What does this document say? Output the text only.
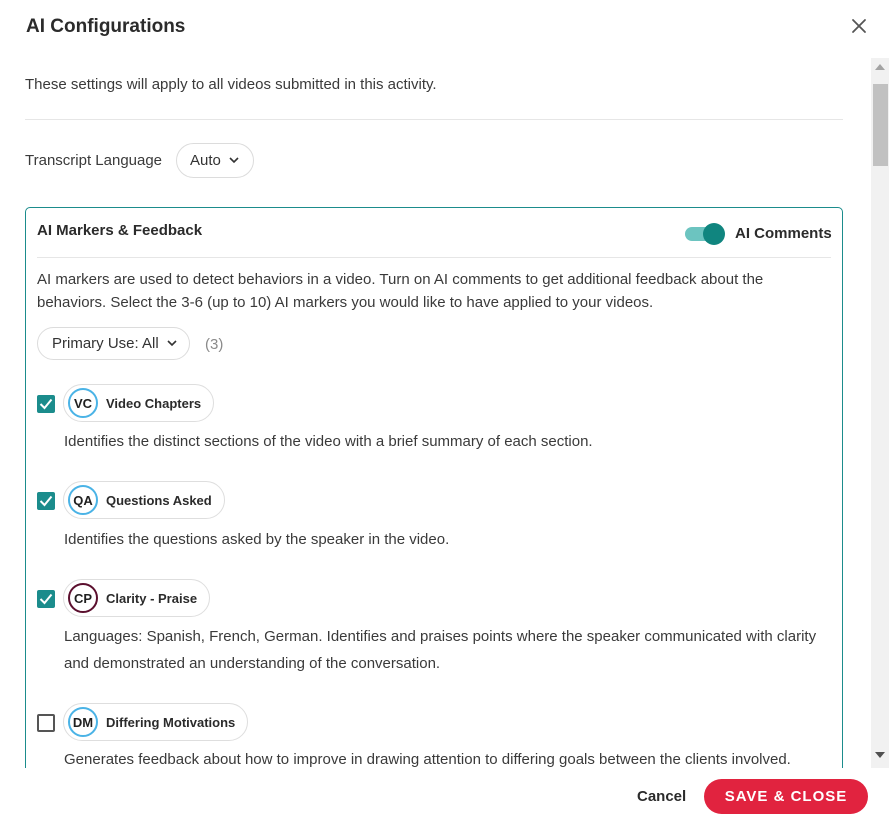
AI Configurations
These settings will apply to all videos submitted in this activity.
Transcript Language Auto
AI Markers & Feedback	AI Comments
AI markers are used to detect behaviors in a video. Turn on AI comments to get additional feedback about the behaviors. Select the 3-6 (up to 10) AI markers you would like to have applied to your videos.
Primary Use: All	(3)
VC	Video Chapters
Identifies the distinct sections of the video with a brief summary of each section.
QA	Questions Asked
Identifies the questions asked by the speaker in the video.
CP	Clarity - Praise
Languages: Spanish, French, German. Identifies and praises points where the speaker communicated with clarity and demonstrated an understanding of the conversation.
DM Differing Motivations
Generates feedback about how to improve in drawing attention to differing goals between the clients involved.
Cancel	SAVE & CLOSE
